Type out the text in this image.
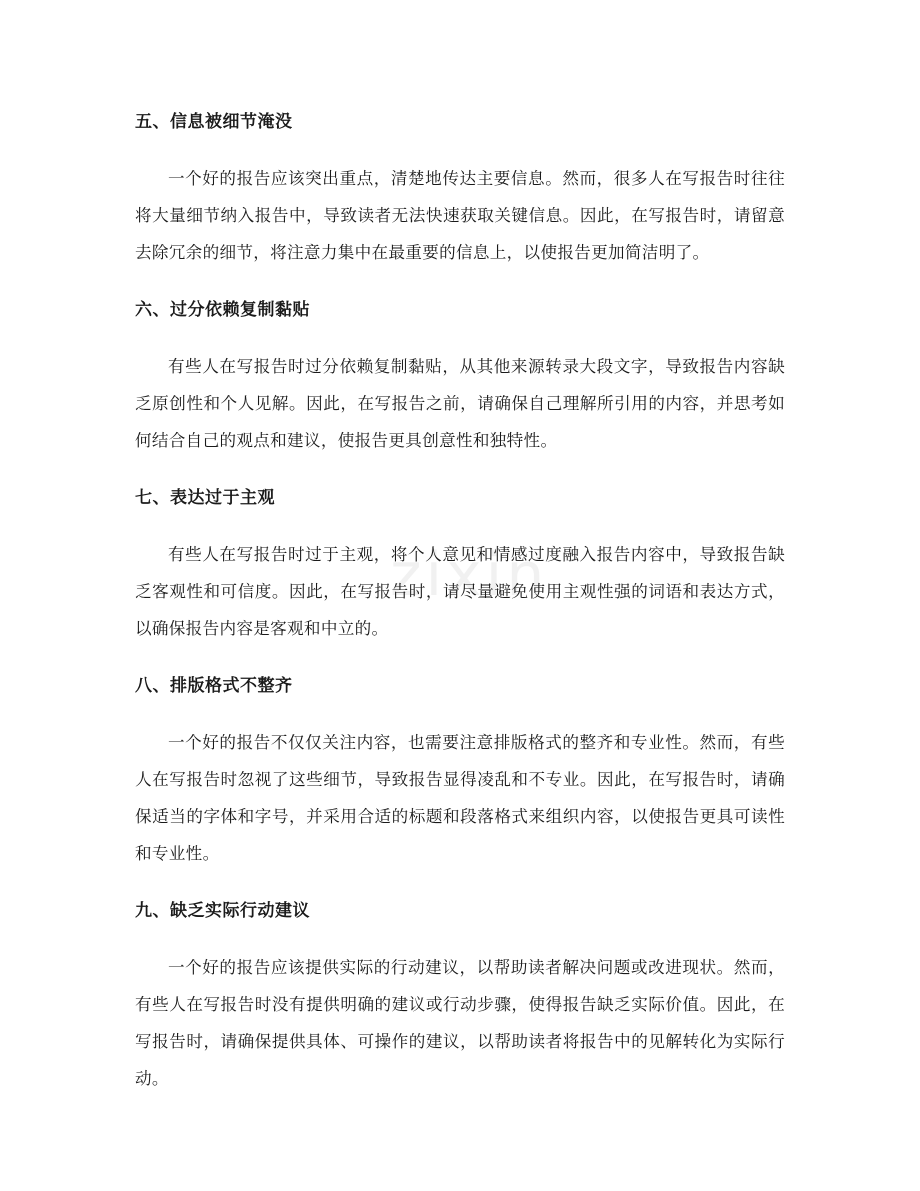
zixin
五、信息被细节淹没

一个好的报告应该突出重点，清楚地传达主要信息。然而，很多人在写报告时往往将大量细节纳入报告中，导致读者无法快速获取关键信息。因此，在写报告时，请留意去除冗余的细节，将注意力集中在最重要的信息上，以使报告更加简洁明了。

六、过分依赖复制黏贴

有些人在写报告时过分依赖复制黏贴，从其他来源转录大段文字，导致报告内容缺乏原创性和个人见解。因此，在写报告之前，请确保自己理解所引用的内容，并思考如何结合自己的观点和建议，使报告更具创意性和独特性。

七、表达过于主观

有些人在写报告时过于主观，将个人意见和情感过度融入报告内容中，导致报告缺乏客观性和可信度。因此，在写报告时，请尽量避免使用主观性强的词语和表达方式，以确保报告内容是客观和中立的。

八、排版格式不整齐

一个好的报告不仅仅关注内容，也需要注意排版格式的整齐和专业性。然而，有些人在写报告时忽视了这些细节，导致报告显得凌乱和不专业。因此，在写报告时，请确保适当的字体和字号，并采用合适的标题和段落格式来组织内容，以使报告更具可读性和专业性。

九、缺乏实际行动建议

一个好的报告应该提供实际的行动建议，以帮助读者解决问题或改进现状。然而，有些人在写报告时没有提供明确的建议或行动步骤，使得报告缺乏实际价值。因此，在写报告时，请确保提供具体、可操作的建议，以帮助读者将报告中的见解转化为实际行动。
